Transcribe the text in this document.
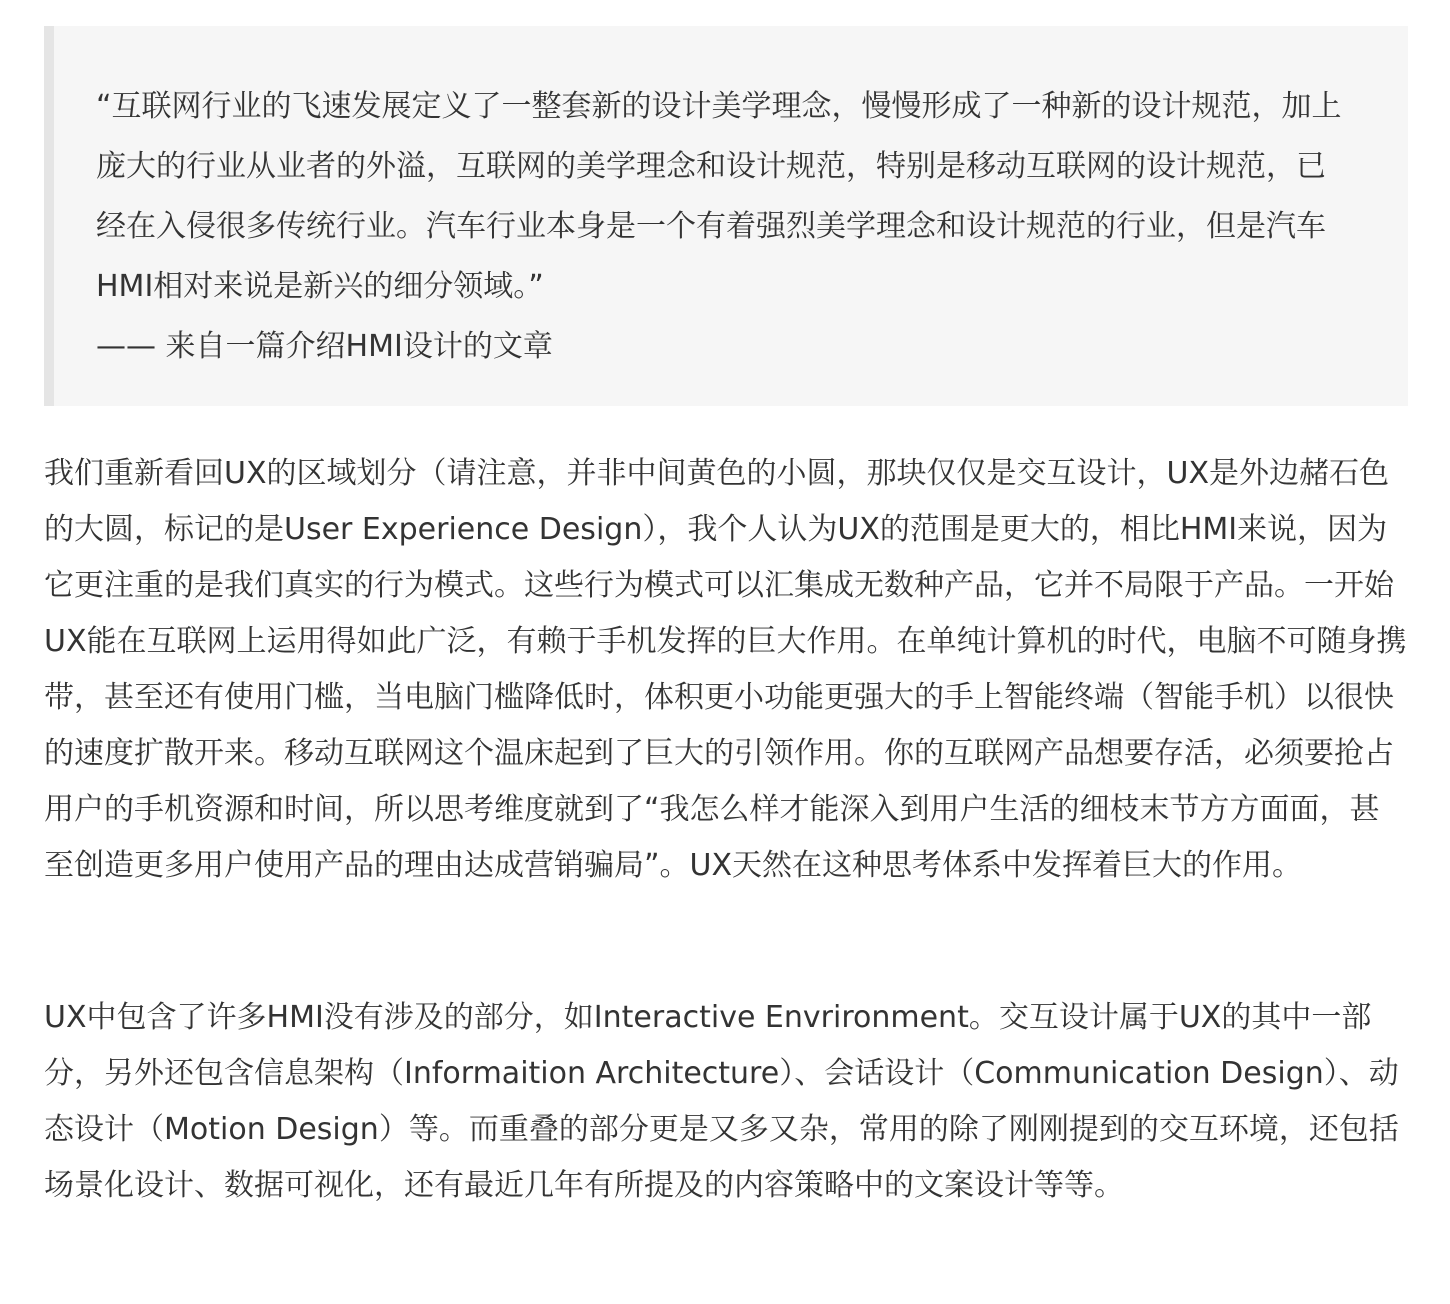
“互联网行业的飞速发展定义了一整套新的设计美学理念，慢慢形成了一种新的设计规范，加上庞大的行业从业者的外溢，互联网的美学理念和设计规范，特别是移动互联网的设计规范，已经在入侵很多传统行业。汽车行业本身是一个有着强烈美学理念和设计规范的行业，但是汽车HMI相对来说是新兴的细分领域。”

—— 来自一篇介绍HMI设计的文章

我们重新看回UX的区域划分（请注意，并非中间黄色的小圆，那块仅仅是交互设计，UX是外边赭石色的大圆，标记的是User Experience Design），我个人认为UX的范围是更大的，相比HMI来说，因为它更注重的是我们真实的行为模式。这些行为模式可以汇集成无数种产品，它并不局限于产品。一开始UX能在互联网上运用得如此广泛，有赖于手机发挥的巨大作用。在单纯计算机的时代，电脑不可随身携带，甚至还有使用门槛，当电脑门槛降低时，体积更小功能更强大的手上智能终端（智能手机）以很快的速度扩散开来。移动互联网这个温床起到了巨大的引领作用。你的互联网产品想要存活，必须要抢占用户的手机资源和时间，所以思考维度就到了“我怎么样才能深入到用户生活的细枝末节方方面面，甚至创造更多用户使用产品的理由达成营销骗局”。UX天然在这种思考体系中发挥着巨大的作用。

UX中包含了许多HMI没有涉及的部分，如Interactive Envrironment。交互设计属于UX的其中一部分，另外还包含信息架构（Informaition Architecture）、会话设计（Communication Design）、动态设计（Motion Design）等。而重叠的部分更是又多又杂，常用的除了刚刚提到的交互环境，还包括场景化设计、数据可视化，还有最近几年有所提及的内容策略中的文案设计等等。
